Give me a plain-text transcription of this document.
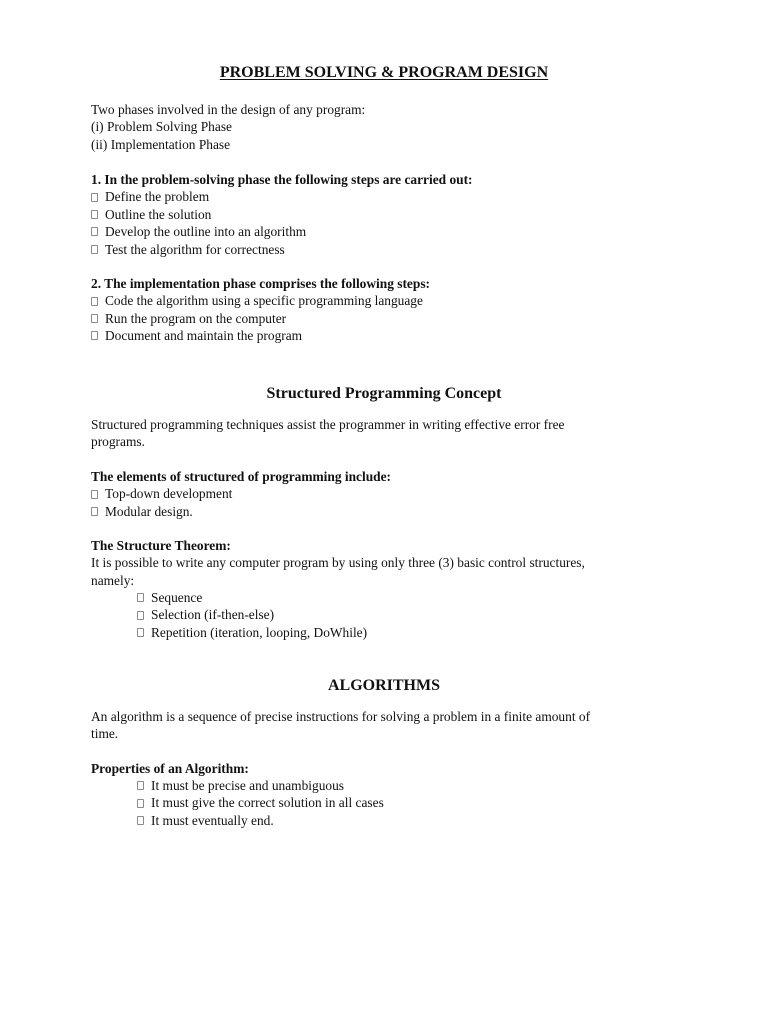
PROBLEM SOLVING & PROGRAM DESIGN
Two phases involved in the design of any program:
(i) Problem Solving Phase
(ii) Implementation Phase
1. In the problem-solving phase the following steps are carried out:
Define the problem
Outline the solution
Develop the outline into an algorithm
Test the algorithm for correctness
2. The implementation phase comprises the following steps:
Code the algorithm using a specific programming language
Run the program on the computer
Document and maintain the program
Structured Programming Concept
Structured programming techniques assist the programmer in writing effective error free
programs.
The elements of structured of programming include:
Top-down development
Modular design.
The Structure Theorem:
It is possible to write any computer program by using only three (3) basic control structures,
namely:
Sequence
Selection (if-then-else)
Repetition (iteration, looping, DoWhile)
ALGORITHMS
An algorithm is a sequence of precise instructions for solving a problem in a finite amount of
time.
Properties of an Algorithm:
It must be precise and unambiguous
It must give the correct solution in all cases
It must eventually end.
